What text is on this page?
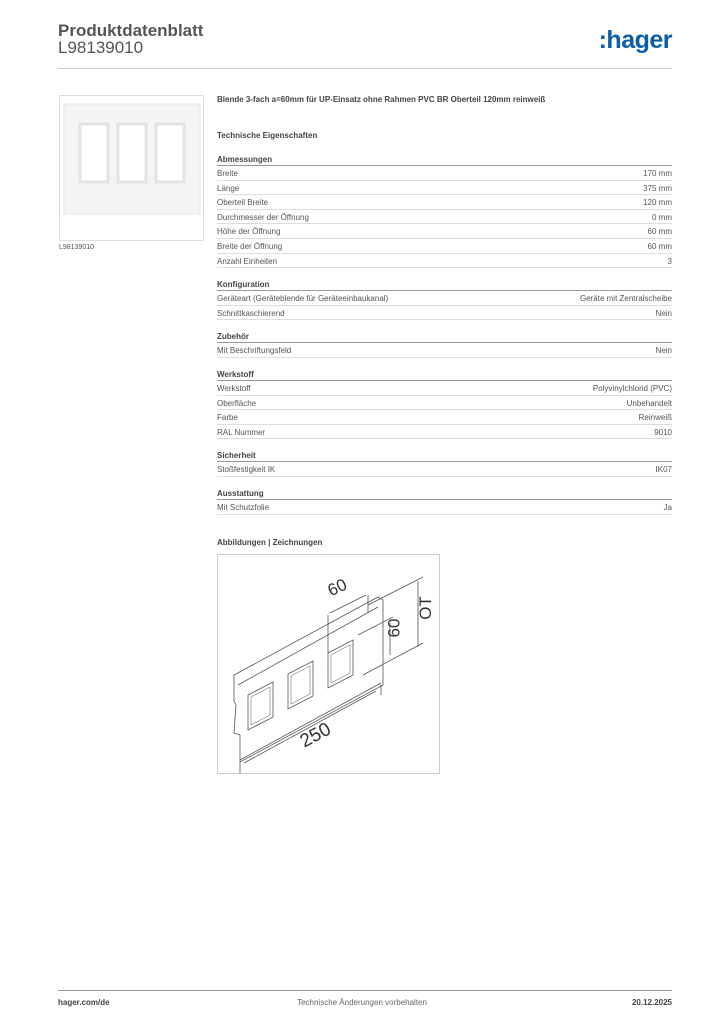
Produktdatenblatt
L98139010	:hager
L98139010
Blende 3-fach a=60mm für UP-Einsatz ohne Rahmen PVC BR Oberteil 120mm reinweiß
Technische Eigenschaften
Abmessungen
Breite	170 mm
Länge	375 mm
Oberteil Breite	120 mm
Durchmesser der Öffnung	0 mm
Höhe der Öffnung	60 mm
Breite der Öffnung	60 mm
Anzahl Einheiten	3
Konfiguration
Geräteart (Geräteblende für Geräteeinbaukanal)	Geräte mit Zentralscheibe
Schnittkaschierend	Nein
Zubehör
Mit Beschriftungsfeld	Nein
Werkstoff
Werkstoff	Polyvinylchlorid (PVC)
Oberfläche	Unbehandelt
Farbe	Reinweiß
RAL Nummer	9010
Sicherheit
Stoßfestigkeit IK	IK07
Ausstattung
Mit Schutzfolie	Ja
Abbildungen | Zeichnungen
60
60
OT
250
hager.com/de	Technische Änderungen vorbehalten	20.12.2025
